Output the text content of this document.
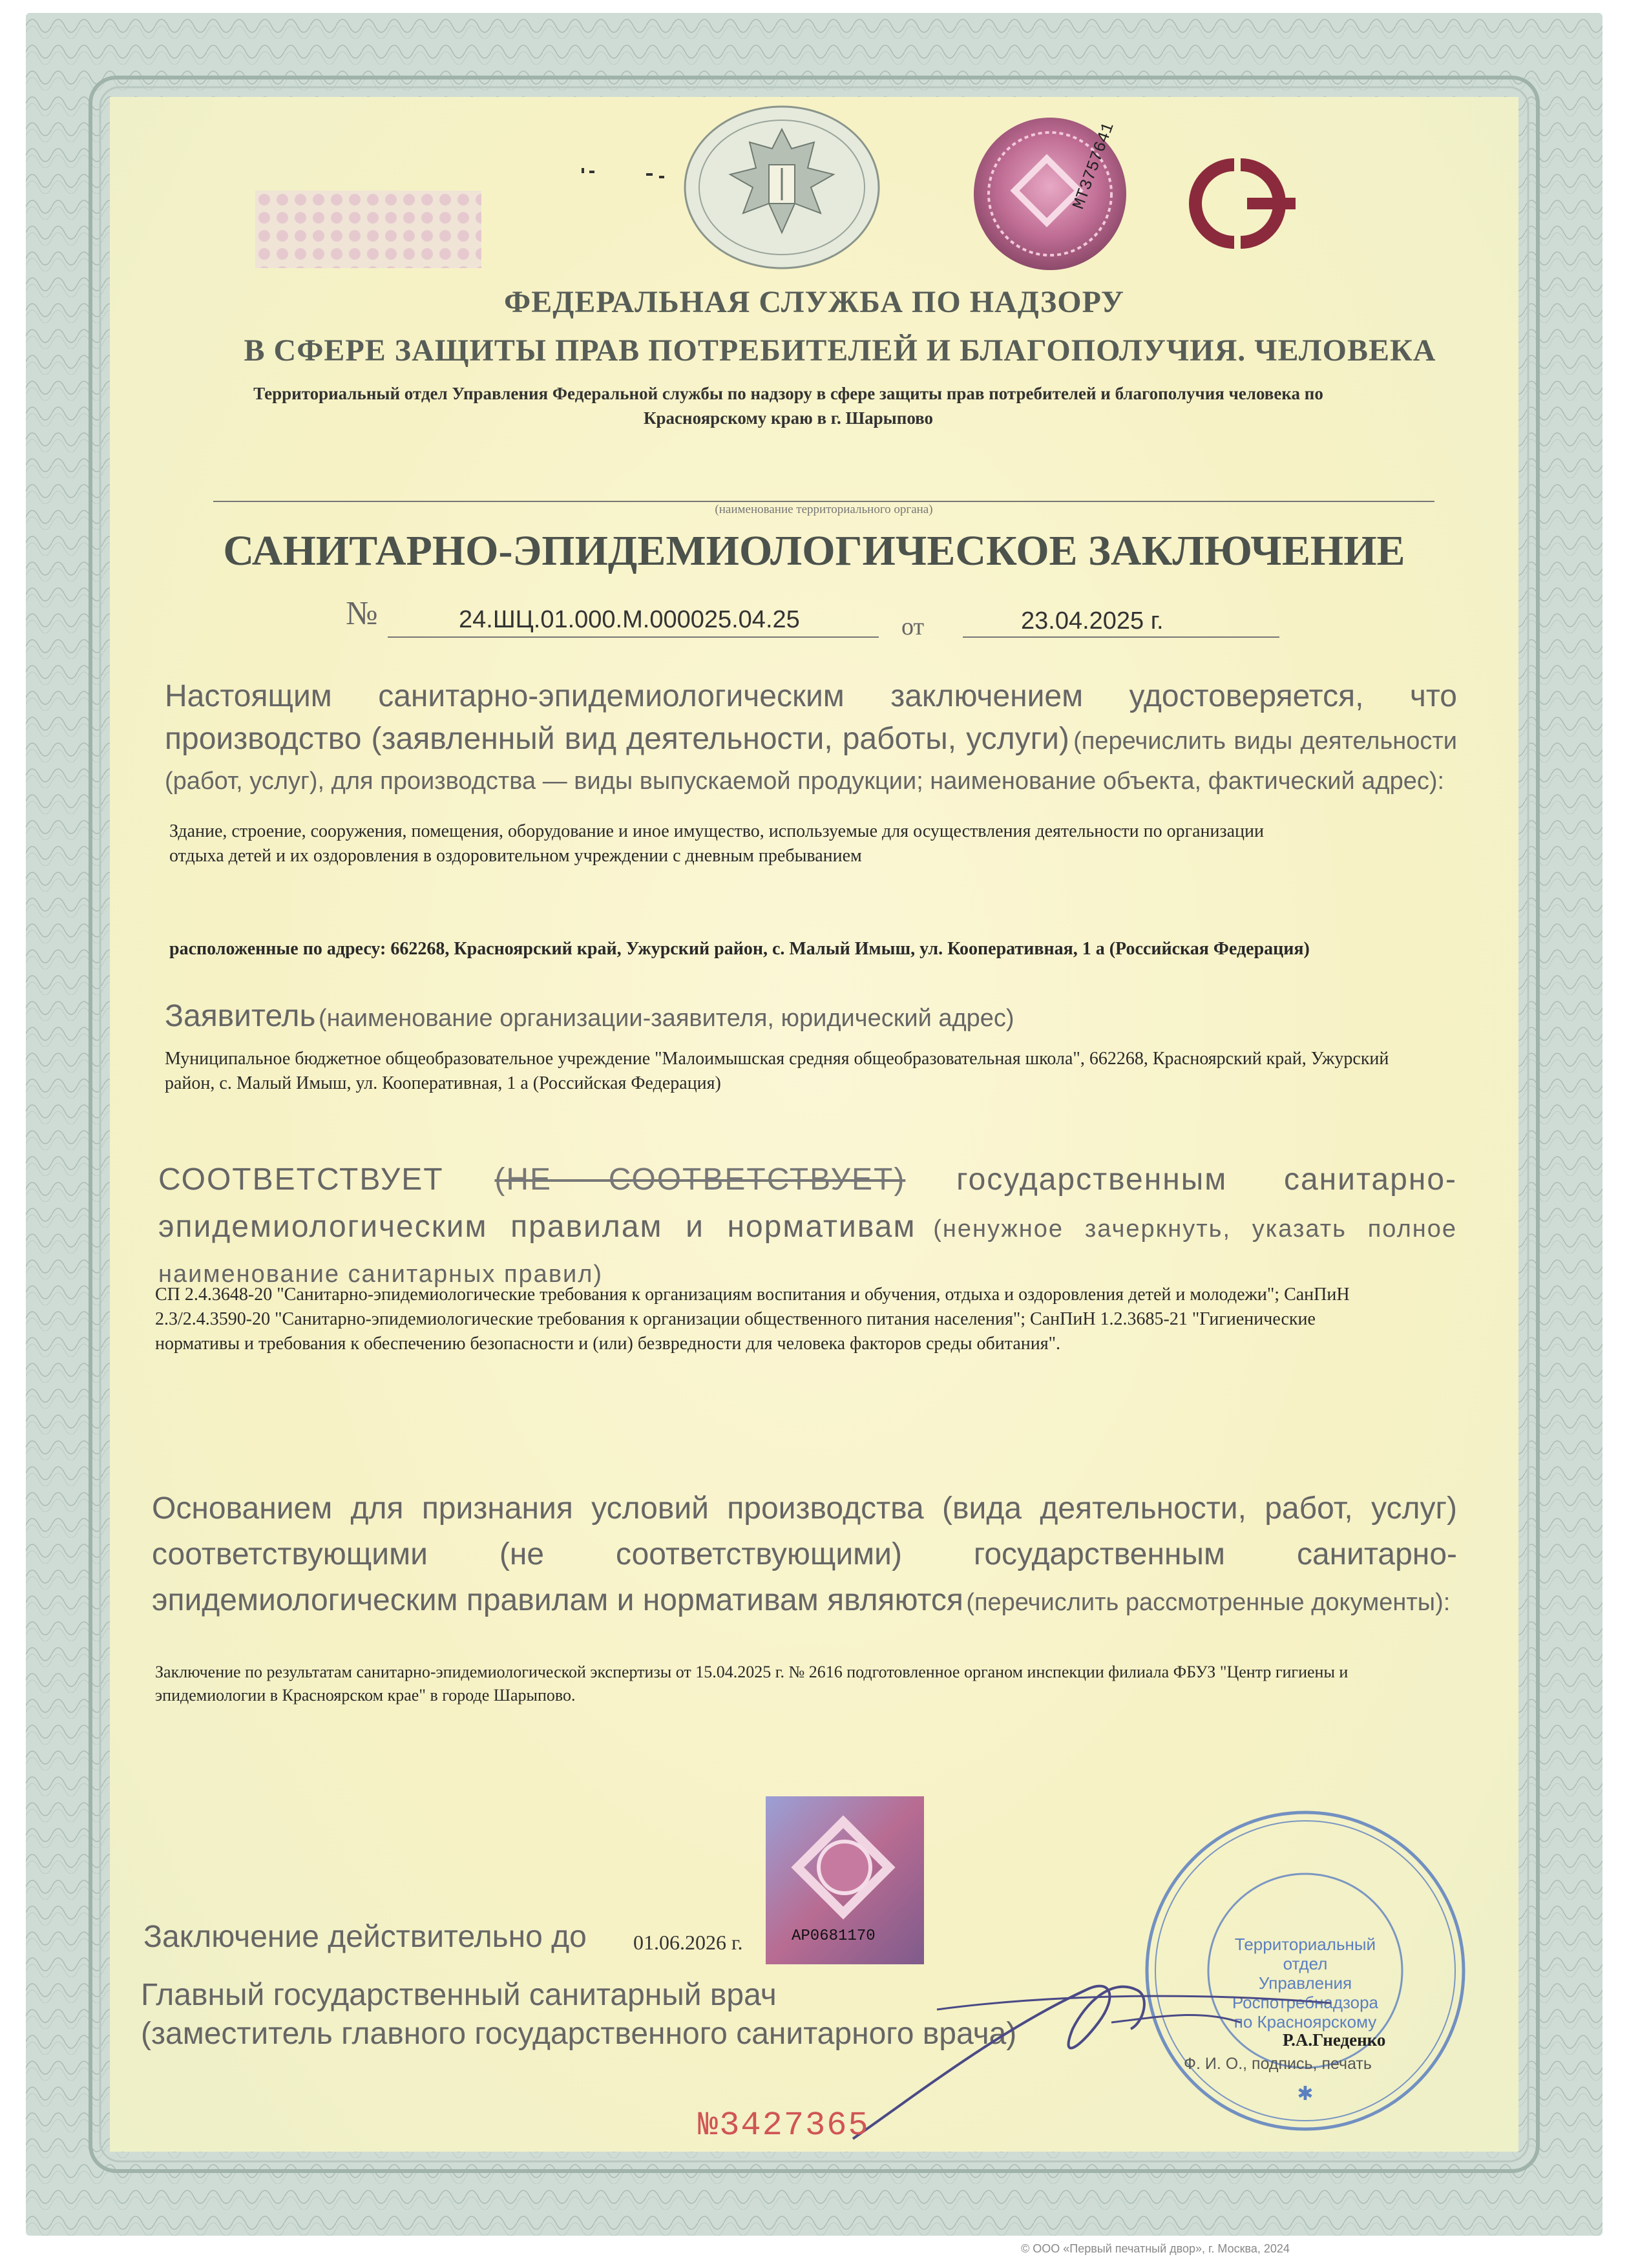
МТ3757641
ФЕДЕРАЛЬНАЯ СЛУЖБА ПО НАДЗОРУ
В СФЕРЕ ЗАЩИТЫ ПРАВ ПОТРЕБИТЕЛЕЙ И БЛАГОПОЛУЧИЯ. ЧЕЛОВЕКА
Территориальный отдел Управления Федеральной службы по надзору в сфере защиты прав потребителей и благополучия человека по Красноярскому краю в г. Шарыпово
(наименование территориального органа)
САНИТАРНО-ЭПИДЕМИОЛОГИЧЕСКОЕ ЗАКЛЮЧЕНИЕ
№	24.ШЦ.01.000.М.000025.04.25	от	23.04.2025 г.
Настоящим санитарно-эпидемиологическим заключением удостоверяется, что производство (заявленный вид деятельности, работы, услуги) (перечислить виды деятельности (работ, услуг), для производства — виды выпускаемой продукции; наименование объекта, фактический адрес):
Здание, строение, сооружения, помещения, оборудование и иное имущество, используемые для осуществления деятельности по организации отдыха детей и их оздоровления в оздоровительном учреждении с дневным пребыванием
расположенные по адресу: 662268, Красноярский край, Ужурский район, с. Малый Имыш, ул. Кооперативная, 1 а (Российская Федерация)
Заявитель (наименование организации-заявителя, юридический адрес)
Муниципальное бюджетное общеобразовательное учреждение "Малоимышская средняя общеобразовательная школа", 662268, Красноярский край, Ужурский район, с. Малый Имыш, ул. Кооперативная, 1 а (Российская Федерация)
СООТВЕТСТВУЕТ (НЕ СООТВЕТСТВУЕТ) государственным санитарно-эпидемиологическим правилам и нормативам (ненужное зачеркнуть, указать полное наименование санитарных правил)
СП 2.4.3648-20 "Санитарно-эпидемиологические требования к организациям воспитания и обучения, отдыха и оздоровления детей и молодежи"; СанПиН 2.3/2.4.3590-20 "Санитарно-эпидемиологические требования к организации общественного питания населения"; СанПиН 1.2.3685-21 "Гигиенические нормативы и требования к обеспечению безопасности и (или) безвредности для человека факторов среды обитания".
Основанием для признания условий производства (вида деятельности, работ, услуг) соответствующими (не соответствующими) государственным санитарно-эпидемиологическим правилам и нормативам являются (перечислить рассмотренные документы):
Заключение по результатам санитарно-эпидемиологической экспертизы от 15.04.2025 г. № 2616 подготовленное органом инспекции филиала ФБУЗ "Центр гигиены и эпидемиологии в Красноярском крае" в городе Шарыпово.
АР0681170	Территориальный
отдел
Управления
Роспотребнадзора
по Красноярскому
✱
Заключение действительно до 01.06.2026 г.
Главный государственный санитарный врач
(заместитель главного государственного санитарного врача)	Р.А.Гнеденко
Ф. И. О., подпись, печать
№3427365
© ООО «Первый печатный двор», г. Москва, 2024
